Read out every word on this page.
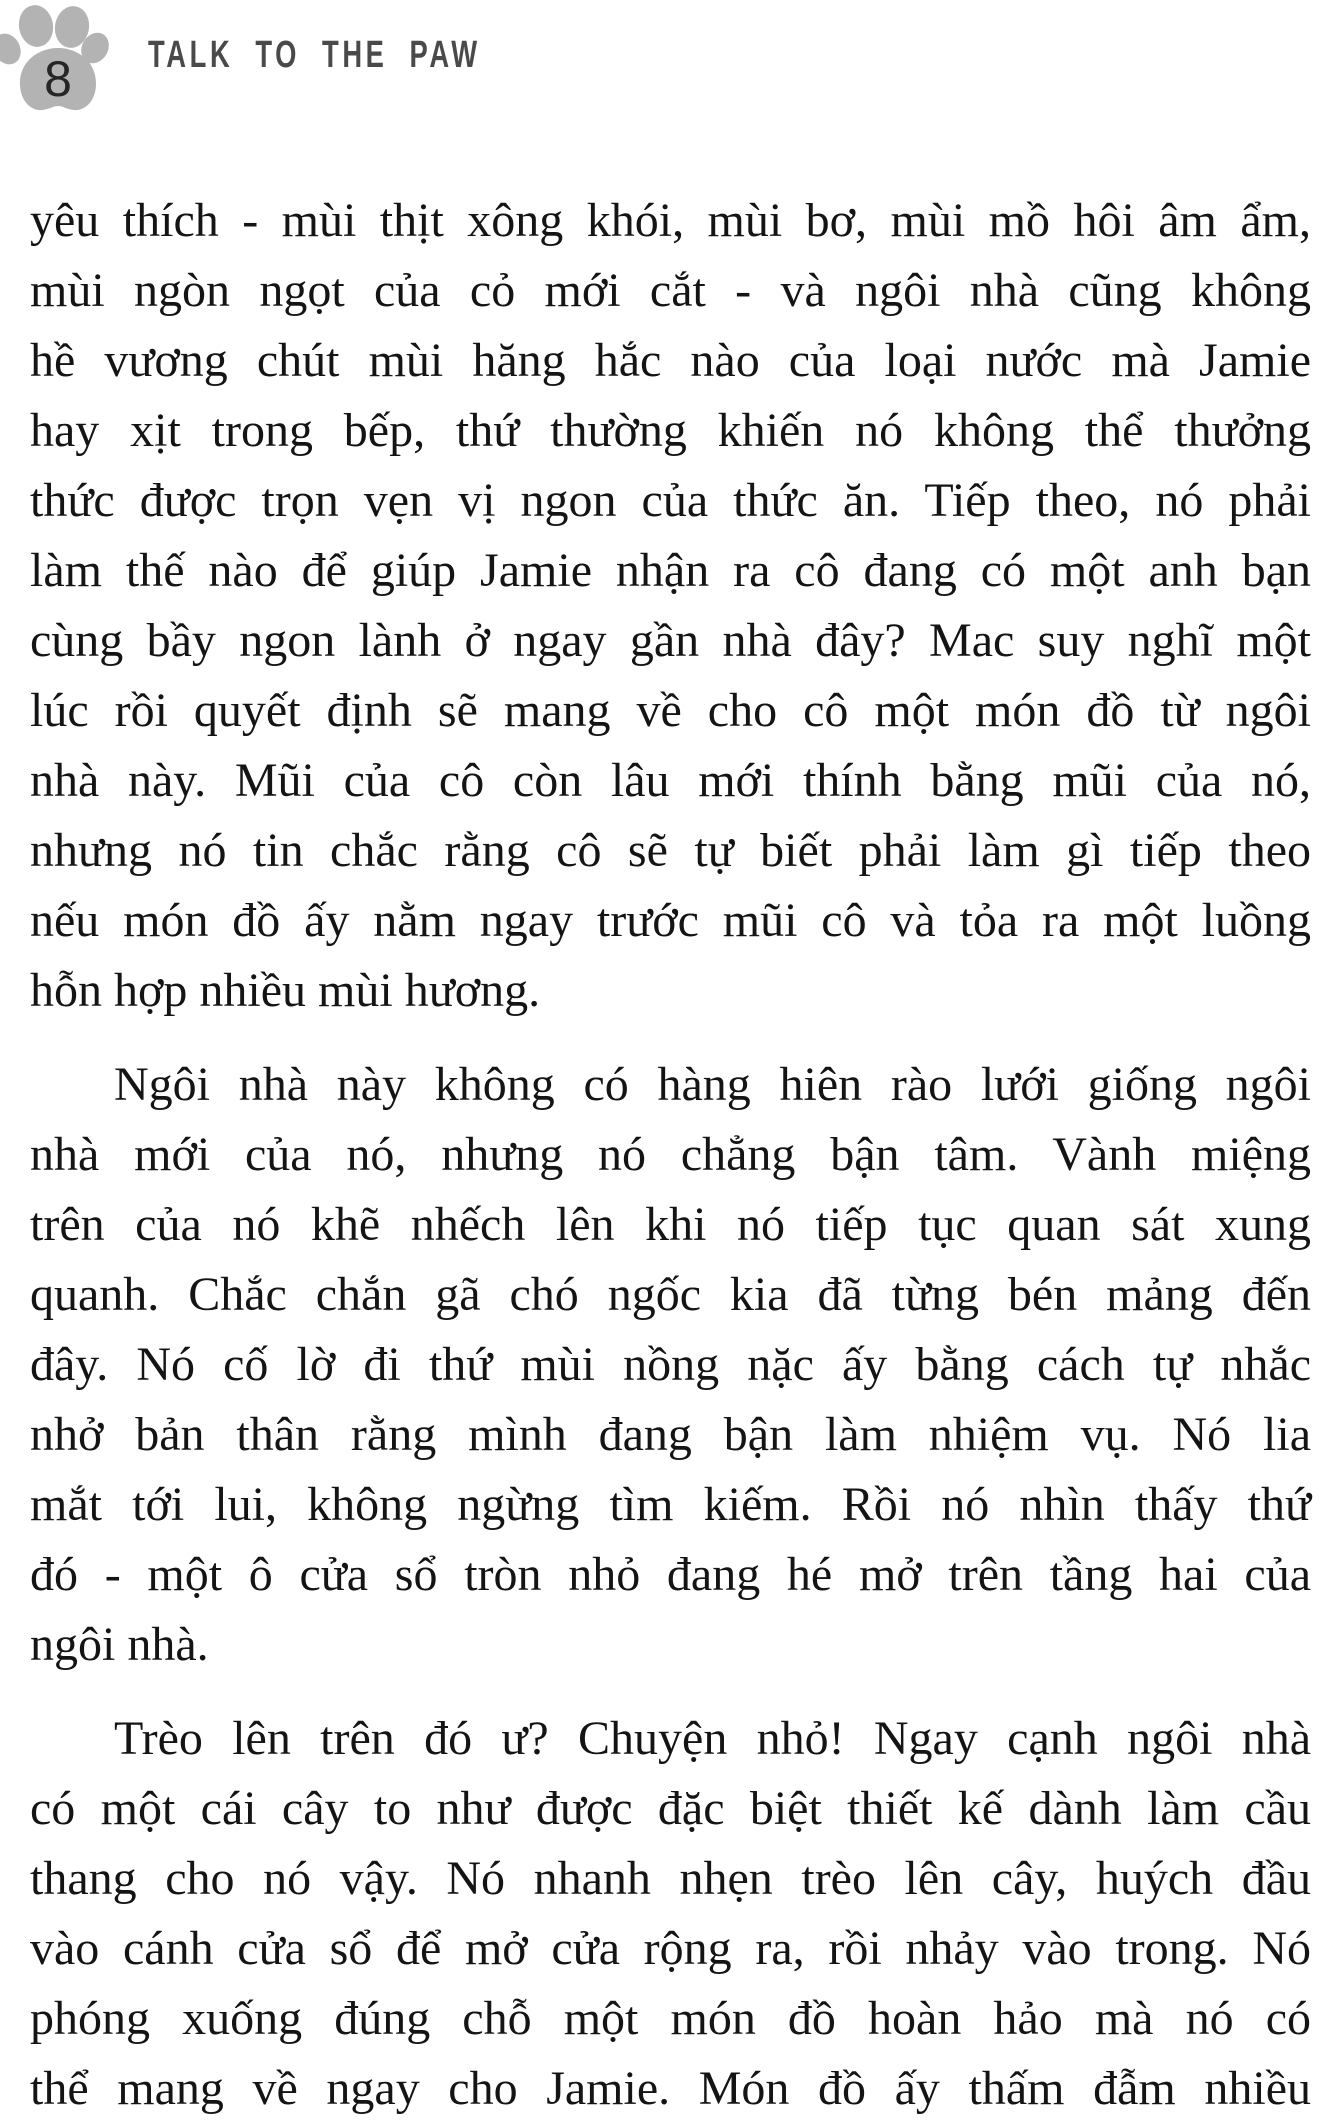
8 TALK TO THE PAW
yêu thích - mùi thịt xông khói, mùi bơ, mùi mồ hôi âm ẩm,
mùi ngòn ngọt của cỏ mới cắt - và ngôi nhà cũng không
hề vương chút mùi hăng hắc nào của loại nước mà Jamie
hay xịt trong bếp, thứ thường khiến nó không thể thưởng
thức được trọn vẹn vị ngon của thức ăn. Tiếp theo, nó phải
làm thế nào để giúp Jamie nhận ra cô đang có một anh bạn
cùng bầy ngon lành ở ngay gần nhà đây? Mac suy nghĩ một
lúc rồi quyết định sẽ mang về cho cô một món đồ từ ngôi
nhà này. Mũi của cô còn lâu mới thính bằng mũi của nó,
nhưng nó tin chắc rằng cô sẽ tự biết phải làm gì tiếp theo
nếu món đồ ấy nằm ngay trước mũi cô và tỏa ra một luồng
hỗn hợp nhiều mùi hương.
Ngôi nhà này không có hàng hiên rào lưới giống ngôi
nhà mới của nó, nhưng nó chẳng bận tâm. Vành miệng
trên của nó khẽ nhếch lên khi nó tiếp tục quan sát xung
quanh. Chắc chắn gã chó ngốc kia đã từng bén mảng đến
đây. Nó cố lờ đi thứ mùi nồng nặc ấy bằng cách tự nhắc
nhở bản thân rằng mình đang bận làm nhiệm vụ. Nó lia
mắt tới lui, không ngừng tìm kiếm. Rồi nó nhìn thấy thứ
đó - một ô cửa sổ tròn nhỏ đang hé mở trên tầng hai của
ngôi nhà.
Trèo lên trên đó ư? Chuyện nhỏ! Ngay cạnh ngôi nhà
có một cái cây to như được đặc biệt thiết kế dành làm cầu
thang cho nó vậy. Nó nhanh nhẹn trèo lên cây, huých đầu
vào cánh cửa sổ để mở cửa rộng ra, rồi nhảy vào trong. Nó
phóng xuống đúng chỗ một món đồ hoàn hảo mà nó có
thể mang về ngay cho Jamie. Món đồ ấy thấm đẫm nhiều
